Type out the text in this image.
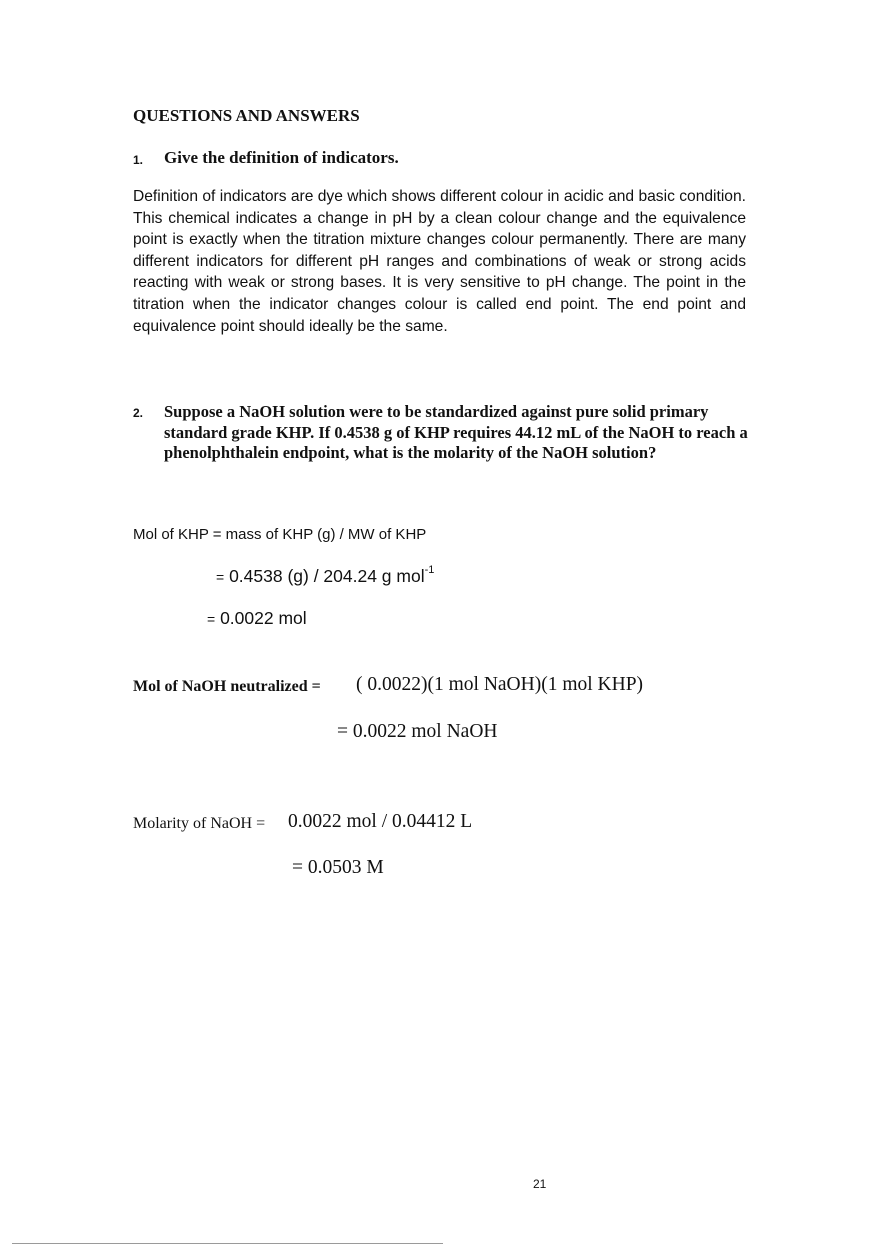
QUESTIONS AND ANSWERS
1. Give the definition of indicators.

Definition of indicators are dye which shows different colour in acidic and basic condition. This chemical indicates a change in pH by a clean colour change and the equivalence point is exactly when the titration mixture changes colour permanently. There are many different indicators for different pH ranges and combinations of weak or strong acids reacting with weak or strong bases. It is very sensitive to pH change. The point in the titration when the indicator changes colour is called end point. The end point and equivalence point should ideally be the same.

2. Suppose a NaOH solution were to be standardized against pure solid primary standard grade KHP. If 0.4538 g of KHP requires 44.12 mL of the NaOH to reach a phenolphthalein endpoint, what is the molarity of the NaOH solution?
Mol of KHP = mass of KHP (g) / MW of KHP
= 0.4538 (g) / 204.24 g mol$^{-1}$
= 0.0022 mol
Mol of NaOH neutralized = ( 0.0022)(1 mol NaOH)(1 mol KHP)
= 0.0022 mol NaOH
Molarity of NaOH = 0.0022 mol / 0.04412 L
= 0.0503 M
21
